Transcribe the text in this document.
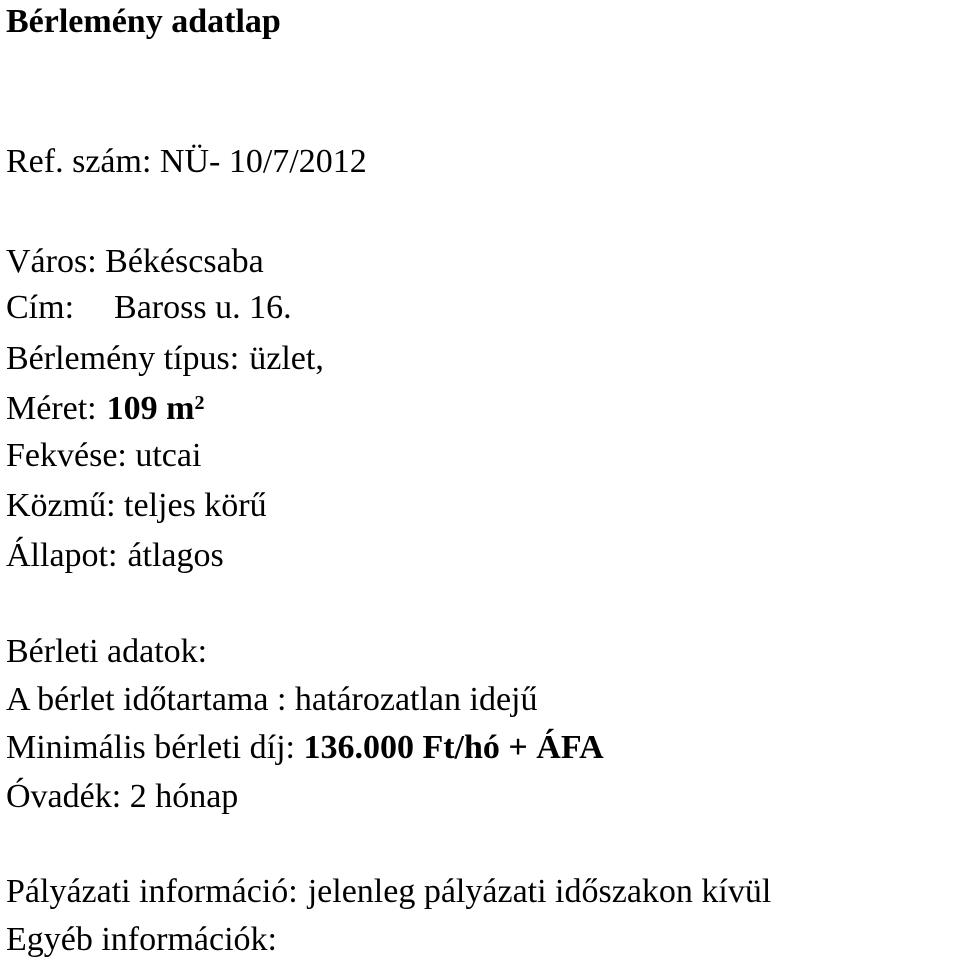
Bérlemény adatlap
Ref. szám: NÜ- 10/7/2012
Város: Békéscsaba
Cím: Baross u. 16.
Bérlemény típus: üzlet,
Méret: 109 $m^2$
Fekvése: utcai
Közmű: teljes körű
Állapot: átlagos
Bérleti adatok:
A bérlet időtartama : határozatlan idejű
Minimális bérleti díj: 136.000 Ft/hó + ÁFA
Óvadék: 2 hónap
Pályázati információ: jelenleg pályázati időszakon kívül
Egyéb információk:
